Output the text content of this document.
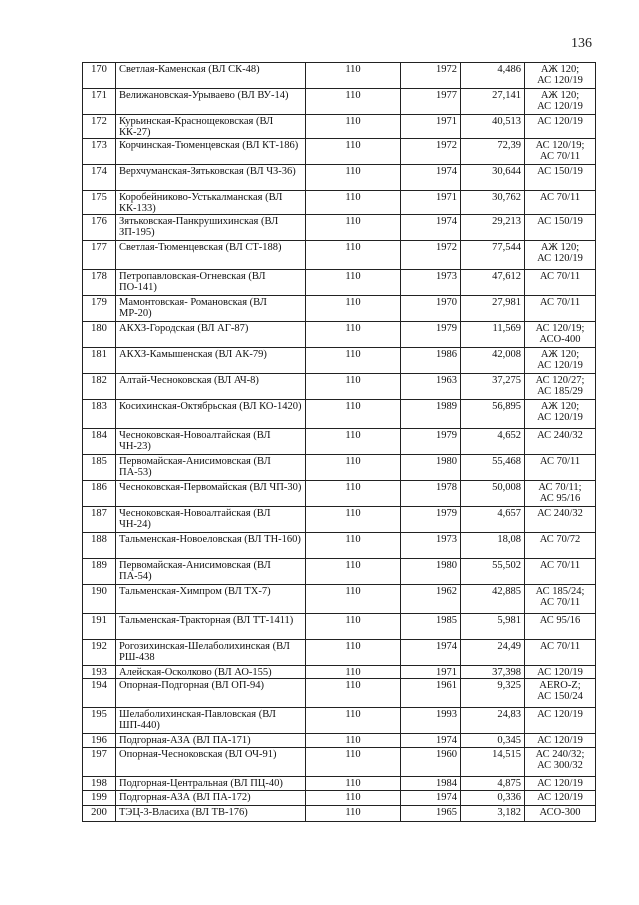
136
170	Светлая-Каменская (ВЛ СК-48)	110	1972	4,486	АЖ 120;
АС 120/19

171	Велижановская-Урываево (ВЛ ВУ-14)	110	1977	27,141	АЖ 120;
АС 120/19

172	Курьинская-Краснощековская (ВЛ КК-27)	110	1971	40,513	АС 120/19

173	Корчинская-Тюменцевская (ВЛ КТ-186)	110	1972	72,39	АС 120/19;
АС 70/11

174	Верхчуманская-Зятьковская (ВЛ ЧЗ-36)	110	1974	30,644	АС 150/19

175	Коробейниково-Устькалманская (ВЛ КК-133)	110	1971	30,762	АС 70/11

176	Зятьковская-Панкрушихинская (ВЛ ЗП-195)	110	1974	29,213	АС 150/19

177	Светлая-Тюменцевская (ВЛ СТ-188)	110	1972	77,544	АЖ 120;
АС 120/19

178	Петропавловская-Огневская (ВЛ ПО-141)	110	1973	47,612	АС 70/11

179	Мамонтовская- Романовская (ВЛ МР-20)	110	1970	27,981	АС 70/11

180	АКХЗ-Городская (ВЛ АГ-87)	110	1979	11,569	АС 120/19;
АСО-400

181	АКХЗ-Камышенская (ВЛ АК-79)	110	1986	42,008	АЖ 120;
АС 120/19

182	Алтай-Чесноковская (ВЛ АЧ-8)	110	1963	37,275	АС 120/27;
АС 185/29

183	Косихинская-Октябрьская (ВЛ КО-1420)	110	1989	56,895	АЖ 120;
АС 120/19

184	Чесноковская-Новоалтайская (ВЛ ЧН-23)	110	1979	4,652	АС 240/32

185	Первомайская-Анисимовская (ВЛ ПА-53)	110	1980	55,468	АС 70/11

186	Чесноковская-Первомайская (ВЛ ЧП-30)	110	1978	50,008	АС 70/11;
АС 95/16

187	Чесноковская-Новоалтайская (ВЛ ЧН-24)	110	1979	4,657	АС 240/32

188	Тальменская-Новоеловская (ВЛ ТН-160)	110	1973	18,08	АС 70/72

189	Первомайская-Анисимовская (ВЛ ПА-54)	110	1980	55,502	АС 70/11

190	Тальменская-Химпром (ВЛ ТХ-7)	110	1962	42,885	АС 185/24;
АС 70/11

191	Тальменская-Тракторная (ВЛ ТТ-1411)	110	1985	5,981	АС 95/16

192	Рогозихинская-Шелаболихинская (ВЛ РШ-438	110	1974	24,49	АС 70/11

193	Алейская-Осколково (ВЛ АО-155)	110	1971	37,398	АС 120/19

194	Опорная-Подгорная (ВЛ ОП-94)	110	1961	9,325	AERO-Z;
АС 150/24

195	Шелаболихинская-Павловская (ВЛ ШП-440)	110	1993	24,83	АС 120/19

196	Подгорная-АЗА (ВЛ ПА-171)	110	1974	0,345	АС 120/19

197	Опорная-Чесноковская (ВЛ ОЧ-91)	110	1960	14,515	АС 240/32;
АС 300/32

198	Подгорная-Центральная (ВЛ ПЦ-40)	110	1984	4,875	АС 120/19

199	Подгорная-АЗА (ВЛ ПА-172)	110	1974	0,336	АС 120/19

200	ТЭЦ-3-Власиха (ВЛ ТВ-176)	110	1965	3,182	АСО-300
